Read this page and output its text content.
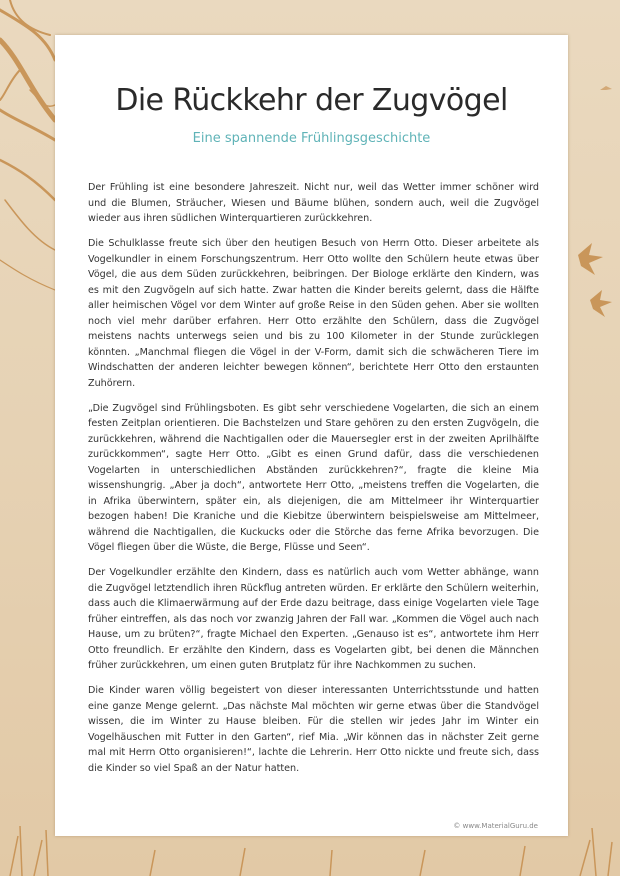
Die Rückkehr der Zugvögel
Eine spannende Frühlingsgeschichte

Der Frühling ist eine besondere Jahreszeit. Nicht nur, weil das Wetter immer schöner wird und die Blumen, Sträucher, Wiesen und Bäume blühen, sondern auch, weil die Zugvögel wieder aus ihren südlichen Winterquartieren zurückkehren.

Die Schulklasse freute sich über den heutigen Besuch von Herrn Otto. Dieser arbeitete als Vogelkundler in einem Forschungszentrum. Herr Otto wollte den Schülern heute etwas über Vögel, die aus dem Süden zurückkehren, beibringen. Der Biologe erklärte den Kindern, was es mit den Zugvögeln auf sich hatte. Zwar hatten die Kinder bereits gelernt, dass die Hälfte aller heimischen Vögel vor dem Winter auf große Reise in den Süden gehen. Aber sie wollten noch viel mehr darüber erfahren. Herr Otto erzählte den Schülern, dass die Zugvögel meistens nachts unterwegs seien und bis zu 100 Kilometer in der Stunde zurücklegen könnten. „Manchmal fliegen die Vögel in der V-Form, damit sich die schwächeren Tiere im Windschatten der anderen leichter bewegen können“, berichtete Herr Otto den erstaunten Zuhörern.

„Die Zugvögel sind Frühlingsboten. Es gibt sehr verschiedene Vogelarten, die sich an einem festen Zeitplan orientieren. Die Bachstelzen und Stare gehören zu den ersten Zugvögeln, die zurückkehren, während die Nachtigallen oder die Mauersegler erst in der zweiten Aprilhälfte zurückkommen“, sagte Herr Otto. „Gibt es einen Grund dafür, dass die verschiedenen Vogelarten in unterschiedlichen Abständen zurückkehren?“, fragte die kleine Mia wissenshungrig. „Aber ja doch“, antwortete Herr Otto, „meistens treffen die Vogelarten, die in Afrika überwintern, später ein, als diejenigen, die am Mittelmeer ihr Winterquartier bezogen haben! Die Kraniche und die Kiebitze überwintern beispielsweise am Mittelmeer, während die Nachtigallen, die Kuckucks oder die Störche das ferne Afrika bevorzugen. Die Vögel fliegen über die Wüste, die Berge, Flüsse und Seen“.

Der Vogelkundler erzählte den Kindern, dass es natürlich auch vom Wetter abhänge, wann die Zugvögel letztendlich ihren Rückflug antreten würden. Er erklärte den Schülern weiterhin, dass auch die Klimaerwärmung auf der Erde dazu beitrage, dass einige Vogelarten viele Tage früher eintreffen, als das noch vor zwanzig Jahren der Fall war. „Kommen die Vögel auch nach Hause, um zu brüten?“, fragte Michael den Experten. „Genauso ist es“, antwortete ihm Herr Otto freundlich. Er erzählte den Kindern, dass es Vogelarten gibt, bei denen die Männchen früher zurückkehren, um einen guten Brutplatz für ihre Nachkommen zu suchen.

Die Kinder waren völlig begeistert von dieser interessanten Unterrichtsstunde und hatten eine ganze Menge gelernt. „Das nächste Mal möchten wir gerne etwas über die Standvögel wissen, die im Winter zu Hause bleiben. Für die stellen wir jedes Jahr im Winter ein Vogelhäuschen mit Futter in den Garten“, rief Mia. „Wir können das in nächster Zeit gerne mal mit Herrn Otto organisieren!“, lachte die Lehrerin. Herr Otto nickte und freute sich, dass die Kinder so viel Spaß an der Natur hatten.

© www.MaterialGuru.de
